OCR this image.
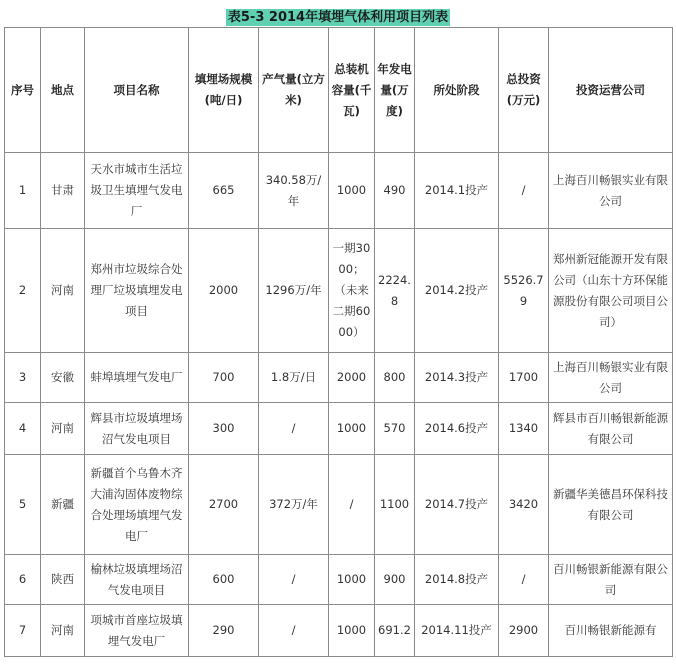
表5-3 2014年填埋气体利用项目列表
序号	地点	项目名称	填埋场规模(吨/日)	产气量(立方米)	总装机容量(千瓦)	年发电量(万度)	所处阶段	总投资(万元)	投资运营公司
1	甘肃	天水市城市生活垃圾卫生填埋气发电厂	665	340.58万/年	1000	490	2014.1投产	/	上海百川畅银实业有限公司
2	河南	郑州市垃圾综合处理厂垃圾填埋发电项目	2000	1296万/年	一期3000；（未来二期6000）	2224.8	2014.2投产	5526.79	郑州新冠能源开发有限公司（山东十方环保能源股份有限公司项目公司）
3	安徽	蚌埠填埋气发电厂	700	1.8万/日	2000	800	2014.3投产	1700	上海百川畅银实业有限公司
4	河南	辉县市垃圾填埋场沼气发电项目	300	/	1000	570	2014.6投产	1340	辉县市百川畅银新能源有限公司
5	新疆	新疆首个乌鲁木齐大浦沟固体废物综合处理场填埋气发电厂	2700	372万/年	/	1100	2014.7投产	3420	新疆华美德昌环保科技有限公司
6	陕西	榆林垃圾填埋场沼气发电项目	600	/	1000	900	2014.8投产	/	百川畅银新能源有限公司
7	河南	项城市首座垃圾填埋气发电厂	290	/	1000	691.2	2014.11投产	2900	百川畅银新能源有
